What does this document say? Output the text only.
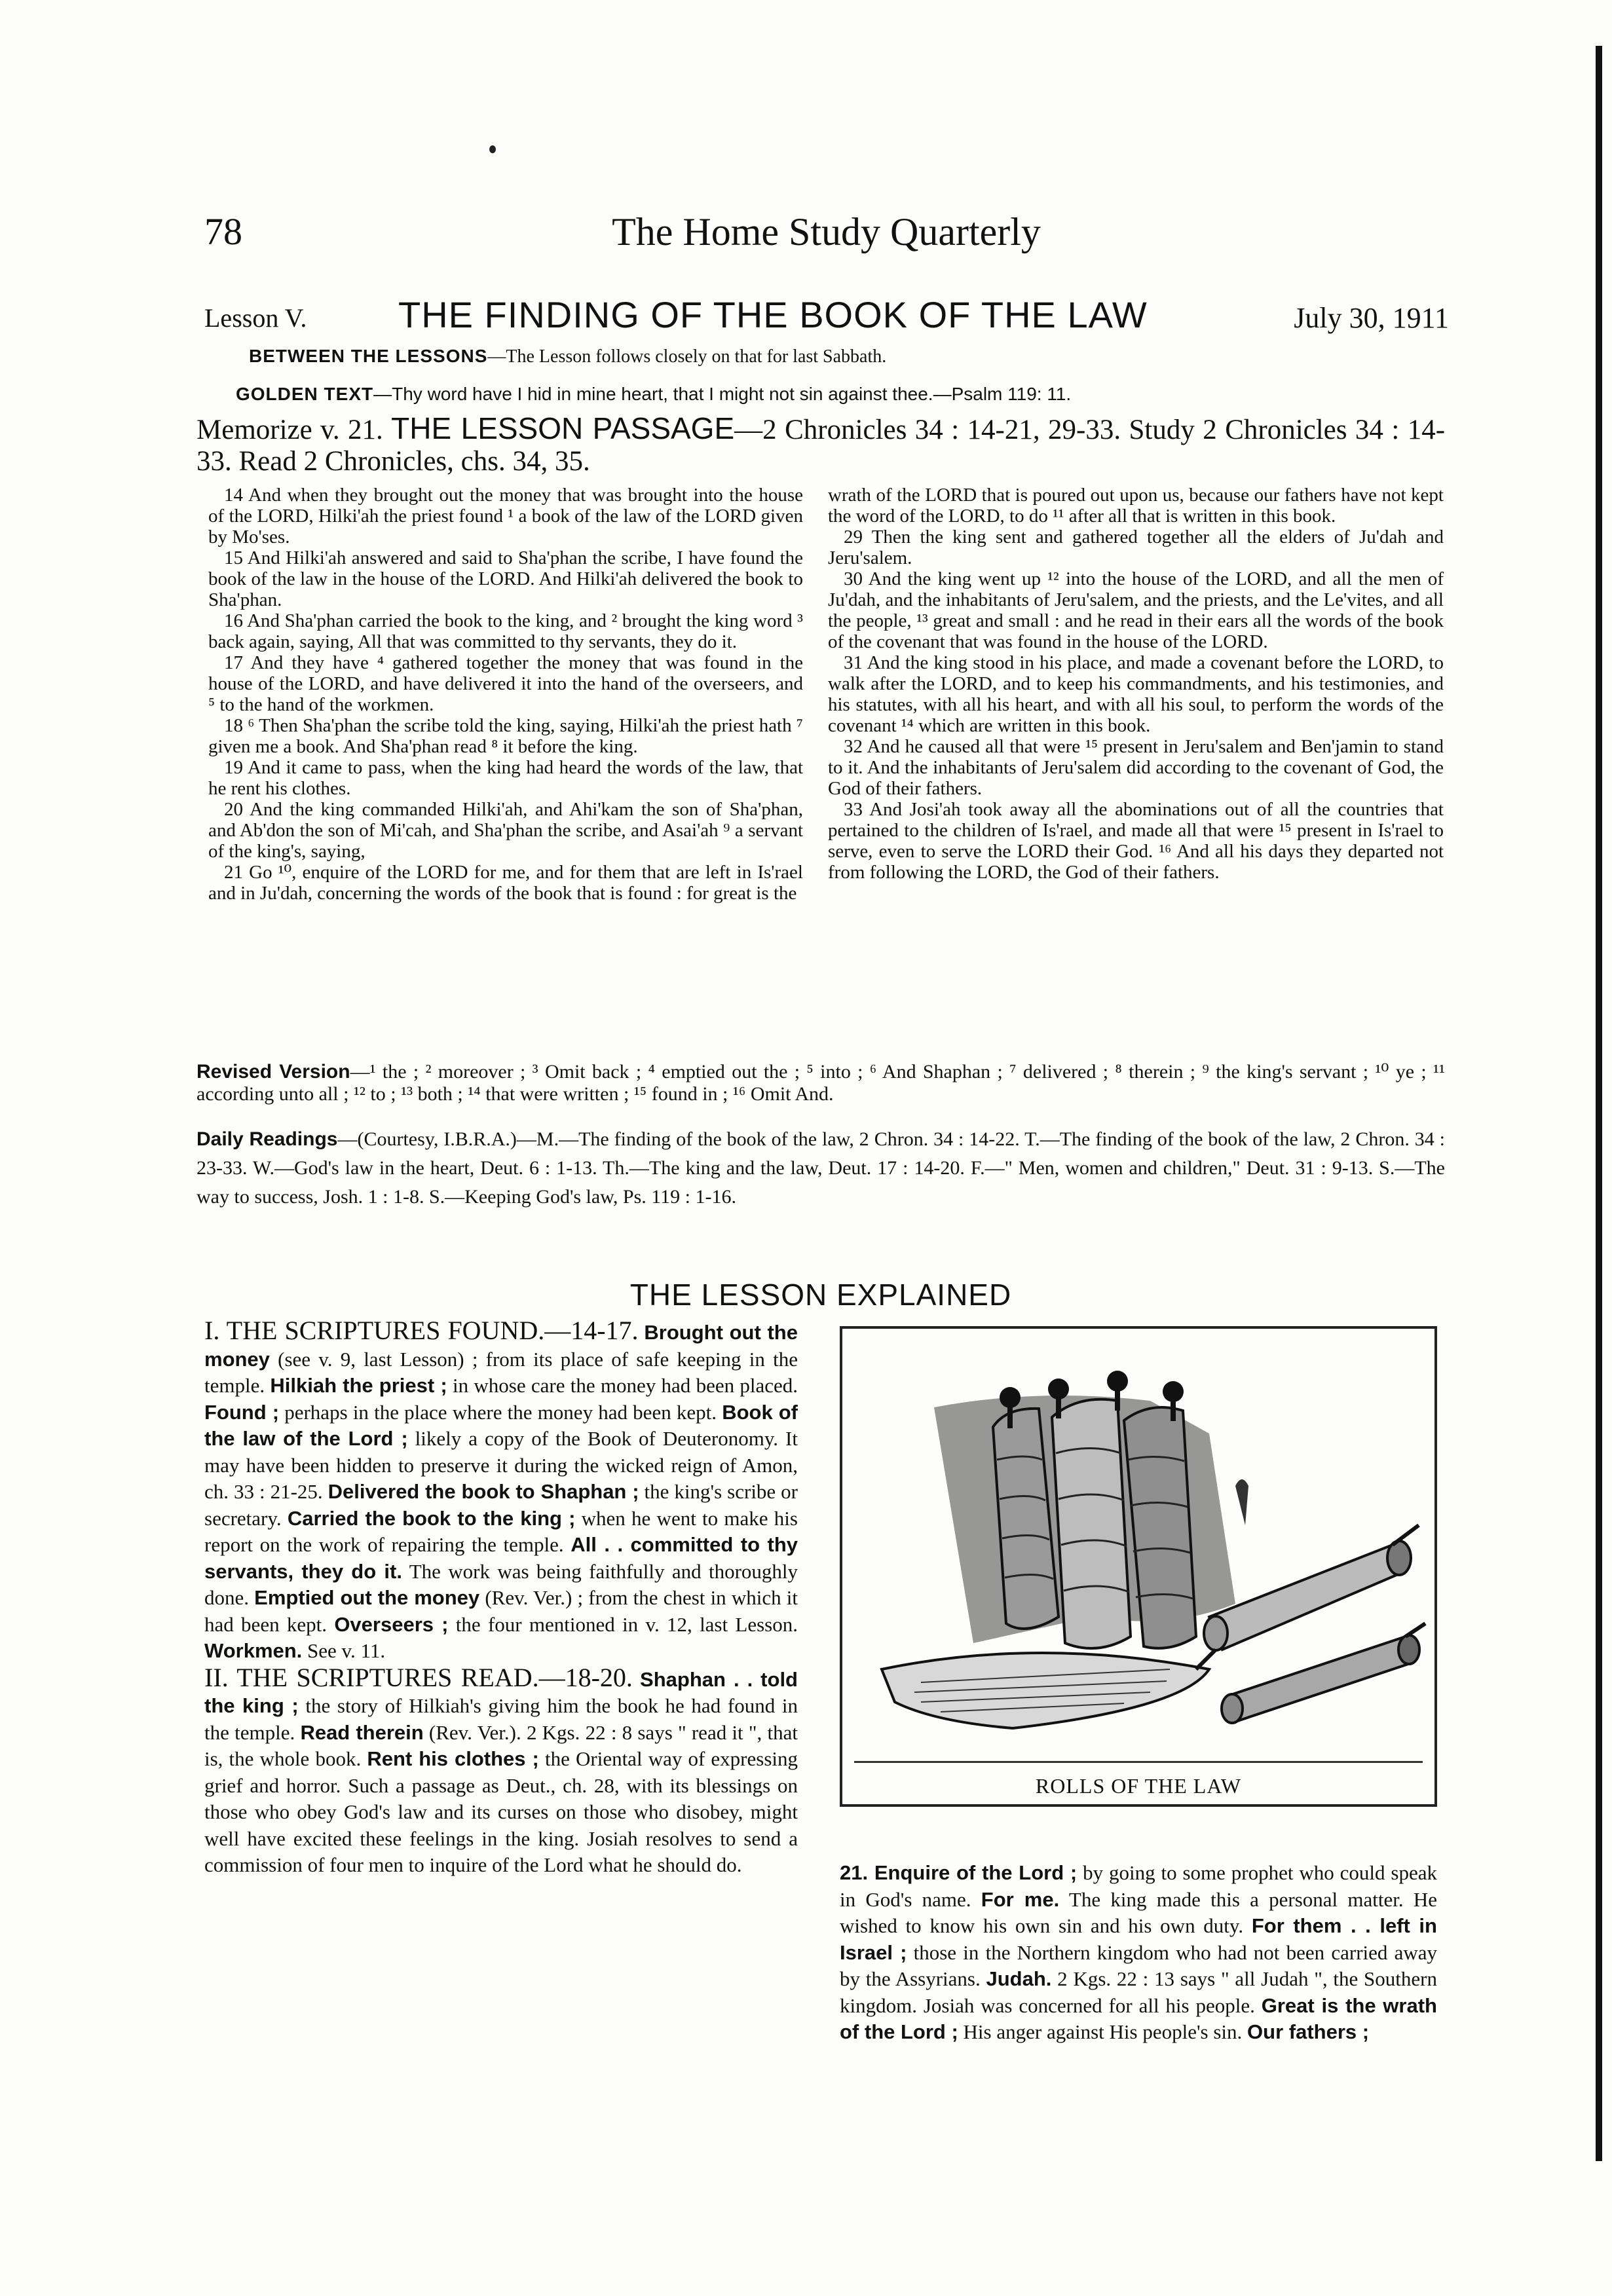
78	The Home Study Quarterly
Lesson V. THE FINDING OF THE BOOK OF THE LAW	July 30, 1911
BETWEEN THE LESSONS—The Lesson follows closely on that for last Sabbath.
GOLDEN TEXT—Thy word have I hid in mine heart, that I might not sin against thee.—Psalm 119: 11.
Memorize v. 21. THE LESSON PASSAGE—2 Chronicles 34 : 14-21, 29-33. Study 2 Chronicles 34 : 14-33. Read 2 Chronicles, chs. 34, 35.

14 And when they brought out the money that was brought into the house of the LORD, Hilki'ah the priest found ¹ a book of the law of the LORD given by Mo'ses.

15 And Hilki'ah answered and said to Sha'phan the scribe, I have found the book of the law in the house of the LORD. And Hilki'ah delivered the book to Sha'phan.

16 And Sha'phan carried the book to the king, and ² brought the king word ³ back again, saying, All that was committed to thy servants, they do it.

17 And they have ⁴ gathered together the money that was found in the house of the LORD, and have delivered it into the hand of the overseers, and ⁵ to the hand of the workmen.

18 ⁶ Then Sha'phan the scribe told the king, saying, Hilki'ah the priest hath ⁷ given me a book. And Sha'phan read ⁸ it before the king.

19 And it came to pass, when the king had heard the words of the law, that he rent his clothes.

20 And the king commanded Hilki'ah, and Ahi'kam the son of Sha'phan, and Ab'don the son of Mi'cah, and Sha'phan the scribe, and Asai'ah ⁹ a servant of the king's, saying,

21 Go ¹⁰, enquire of the LORD for me, and for them that are left in Is'rael and in Ju'dah, concerning the words of the book that is found : for great is the

wrath of the LORD that is poured out upon us, because our fathers have not kept the word of the LORD, to do ¹¹ after all that is written in this book.

29 Then the king sent and gathered together all the elders of Ju'dah and Jeru'salem.

30 And the king went up ¹² into the house of the LORD, and all the men of Ju'dah, and the inhabitants of Jeru'salem, and the priests, and the Le'vites, and all the people, ¹³ great and small : and he read in their ears all the words of the book of the covenant that was found in the house of the LORD.

31 And the king stood in his place, and made a covenant before the LORD, to walk after the LORD, and to keep his commandments, and his testimonies, and his statutes, with all his heart, and with all his soul, to perform the words of the covenant ¹⁴ which are written in this book.

32 And he caused all that were ¹⁵ present in Jeru'salem and Ben'jamin to stand to it. And the inhabitants of Jeru'salem did according to the covenant of God, the God of their fathers.

33 And Josi'ah took away all the abominations out of all the countries that pertained to the children of Is'rael, and made all that were ¹⁵ present in Is'rael to serve, even to serve the LORD their God. ¹⁶ And all his days they departed not from following the LORD, the God of their fathers.

Revised Version—¹ the ; ² moreover ; ³ Omit back ; ⁴ emptied out the ; ⁵ into ; ⁶ And Shaphan ; ⁷ delivered ; ⁸ therein ; ⁹ the king's servant ; ¹⁰ ye ; ¹¹ according unto all ; ¹² to ; ¹³ both ; ¹⁴ that were written ; ¹⁵ found in ; ¹⁶ Omit And.
Daily Readings—(Courtesy, I.B.R.A.)—M.—The finding of the book of the law, 2 Chron. 34 : 14-22. T.—The finding of the book of the law, 2 Chron. 34 : 23-33. W.—God's law in the heart, Deut. 6 : 1-13. Th.—The king and the law, Deut. 17 : 14-20. F.—" Men, women and children," Deut. 31 : 9-13. S.—The way to success, Josh. 1 : 1-8. S.—Keeping God's law, Ps. 119 : 1-16.
THE LESSON EXPLAINED

I. THE SCRIPTURES FOUND.—14-17. Brought out the money (see v. 9, last Lesson) ; from its place of safe keeping in the temple. Hilkiah the priest ; in whose care the money had been placed. Found ; perhaps in the place where the money had been kept. Book of the law of the Lord ; likely a copy of the Book of Deuteronomy. It may have been hidden to preserve it during the wicked reign of Amon, ch. 33 : 21-25. Delivered the book to Shaphan ; the king's scribe or secretary. Carried the book to the king ; when he went to make his report on the work of repairing the temple. All . . committed to thy servants, they do it. The work was being faithfully and thoroughly done. Emptied out the money (Rev. Ver.) ; from the chest in which it had been kept. Overseers ; the four mentioned in v. 12, last Lesson. Workmen. See v. 11.

II. THE SCRIPTURES READ.—18-20. Shaphan . . told the king ; the story of Hilkiah's giving him the book he had found in the temple. Read therein (Rev. Ver.). 2 Kgs. 22 : 8 says " read it ", that is, the whole book. Rent his clothes ; the Oriental way of expressing grief and horror. Such a passage as Deut., ch. 28, with its blessings on those who obey God's law and its curses on those who disobey, might well have excited these feelings in the king. Josiah resolves to send a commission of four men to inquire of the Lord what he should do.

ROLLS OF THE LAW

21. Enquire of the Lord ; by going to some prophet who could speak in God's name. For me. The king made this a personal matter. He wished to know his own sin and his own duty. For them . . left in Israel ; those in the Northern kingdom who had not been carried away by the Assyrians. Judah. 2 Kgs. 22 : 13 says " all Judah ", the Southern kingdom. Josiah was concerned for all his people. Great is the wrath of the Lord ; His anger against His people's sin. Our fathers ;
